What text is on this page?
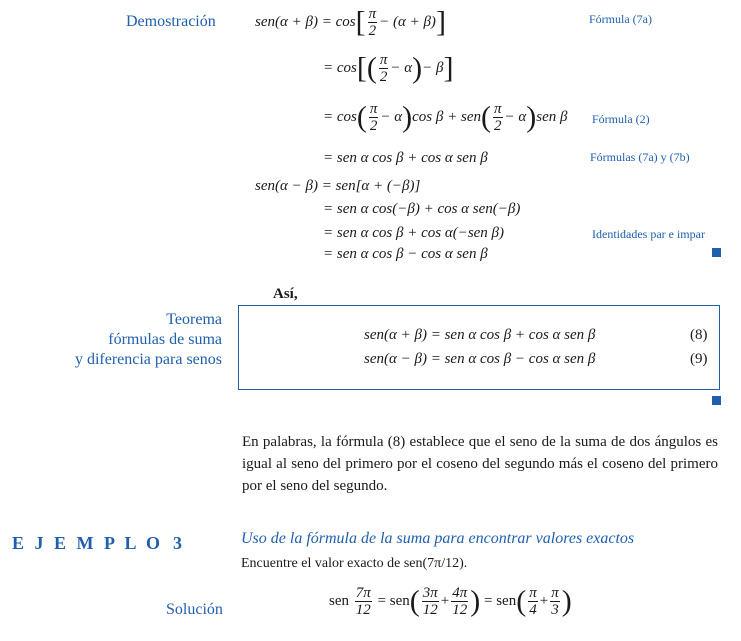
Demostración	$sen(\alpha + \beta) = \cos[ \frac{\pi}{2} - (\alpha + \beta)]$	Fórmula (7a)
= $\cos[( \frac{\pi}{2} - \alpha)- \beta]$
= $\cos( \frac{\pi}{2} - \alpha)\cos$ $\beta + sen( \frac{\pi}{2} - \alpha)sen$ β Fórmula (2)
= sen α cos β + cos α sen β	Fórmulas (7a) y (7b)
sen(α − β) = sen[α + (−β)]
= sen α cos(−β) + cos α sen(−β)
= sen α cos β + cos α(−sen β)	Identidades par e impar
= sen α cos β − cos α sen β
Así,
Teorema
fórmulas de suma
y diferencia para senos
sen(α + β) = sen α cos β + cos α sen β	(8)
sen(α − β) = sen α cos β − cos α sen β	(9)
En palabras, la fórmula (8) establece que el seno de la suma de dos ángulos es igual al seno del primero por el coseno del segundo más el coseno del primero por el seno del segundo.
E J E M P L O 3	Uso de la fórmula de la suma para encontrar valores exactos
Encuentre el valor exacto de sen(7π/12).
Solución	sen $\frac{7\pi}{12} = sen( \frac{3\pi}{12} + \frac{4\pi}{12}$ ) = $sen( \frac{\pi}{4} + \frac{\pi}{3}$ )
